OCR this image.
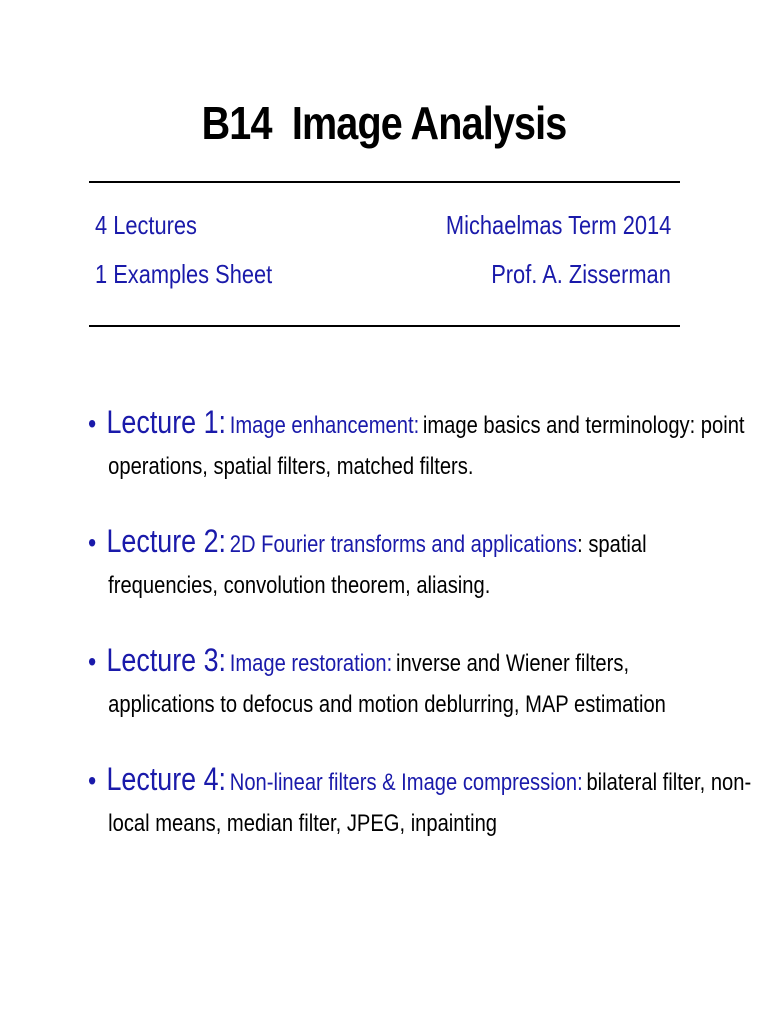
B14  Image Analysis
4 Lectures	Michaelmas Term 2014
1 Examples Sheet	Prof. A. Zisserman
• Lecture 1: Image enhancement: image basics and terminology: point
operations, spatial filters, matched filters.
• Lecture 2: 2D Fourier transforms and applications: spatial
frequencies, convolution theorem, aliasing.
• Lecture 3: Image restoration: inverse and Wiener filters,
applications to defocus and motion deblurring, MAP estimation
• Lecture 4: Non-linear filters & Image compression: bilateral filter, non-
local means, median filter, JPEG, inpainting
